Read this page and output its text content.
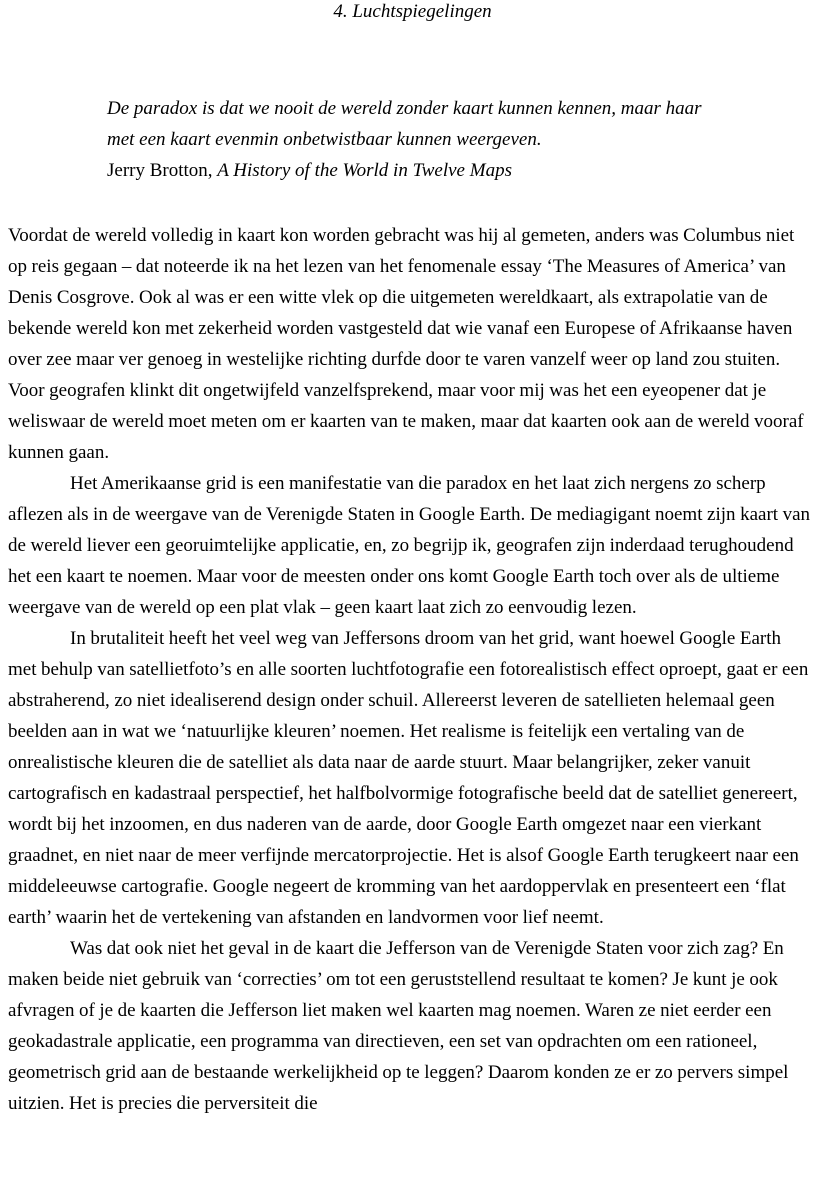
4. Luchtspiegelingen

De paradox is dat we nooit de wereld zonder kaart kunnen kennen, maar haar

met een kaart evenmin onbetwistbaar kunnen weergeven.

Jerry Brotton, A History of the World in Twelve Maps

Voordat de wereld volledig in kaart kon worden gebracht was hij al gemeten, anders was Columbus niet op reis gegaan – dat noteerde ik na het lezen van het fenomenale essay ‘The Measures of America’ van Denis Cosgrove. Ook al was er een witte vlek op die uitgemeten wereldkaart, als extrapolatie van de bekende wereld kon met zekerheid worden vastgesteld dat wie vanaf een Europese of Afrikaanse haven over zee maar ver genoeg in westelijke richting durfde door te varen vanzelf weer op land zou stuiten. Voor geografen klinkt dit ongetwijfeld vanzelfsprekend, maar voor mij was het een eyeopener dat je weliswaar de wereld moet meten om er kaarten van te maken, maar dat kaarten ook aan de wereld vooraf kunnen gaan.

Het Amerikaanse grid is een manifestatie van die paradox en het laat zich nergens zo scherp aflezen als in de weergave van de Verenigde Staten in Google Earth. De mediagigant noemt zijn kaart van de wereld liever een georuimtelijke applicatie, en, zo begrijp ik, geografen zijn inderdaad terughoudend het een kaart te noemen. Maar voor de meesten onder ons komt Google Earth toch over als de ultieme weergave van de wereld op een plat vlak – geen kaart laat zich zo eenvoudig lezen.

In brutaliteit heeft het veel weg van Jeffersons droom van het grid, want hoewel Google Earth met behulp van satellietfoto’s en alle soorten luchtfotografie een fotorealistisch effect oproept, gaat er een abstraherend, zo niet idealiserend design onder schuil. Allereerst leveren de satellieten helemaal geen beelden aan in wat we ‘natuurlijke kleuren’ noemen. Het realisme is feitelijk een vertaling van de onrealistische kleuren die de satelliet als data naar de aarde stuurt. Maar belangrijker, zeker vanuit cartografisch en kadastraal perspectief, het halfbolvormige fotografische beeld dat de satelliet genereert, wordt bij het inzoomen, en dus naderen van de aarde, door Google Earth omgezet naar een vierkant graadnet, en niet naar de meer verfijnde mercatorprojectie. Het is alsof Google Earth terugkeert naar een middeleeuwse cartografie. Google negeert de kromming van het aardoppervlak en presenteert een ‘flat earth’ waarin het de vertekening van afstanden en landvormen voor lief neemt.

Was dat ook niet het geval in de kaart die Jefferson van de Verenigde Staten voor zich zag? En maken beide niet gebruik van ‘correcties’ om tot een geruststellend resultaat te komen? Je kunt je ook afvragen of je de kaarten die Jefferson liet maken wel kaarten mag noemen. Waren ze niet eerder een geokadastrale applicatie, een programma van directieven, een set van opdrachten om een rationeel, geometrisch grid aan de bestaande werkelijkheid op te leggen? Daarom konden ze er zo pervers simpel uitzien. Het is precies die perversiteit die
